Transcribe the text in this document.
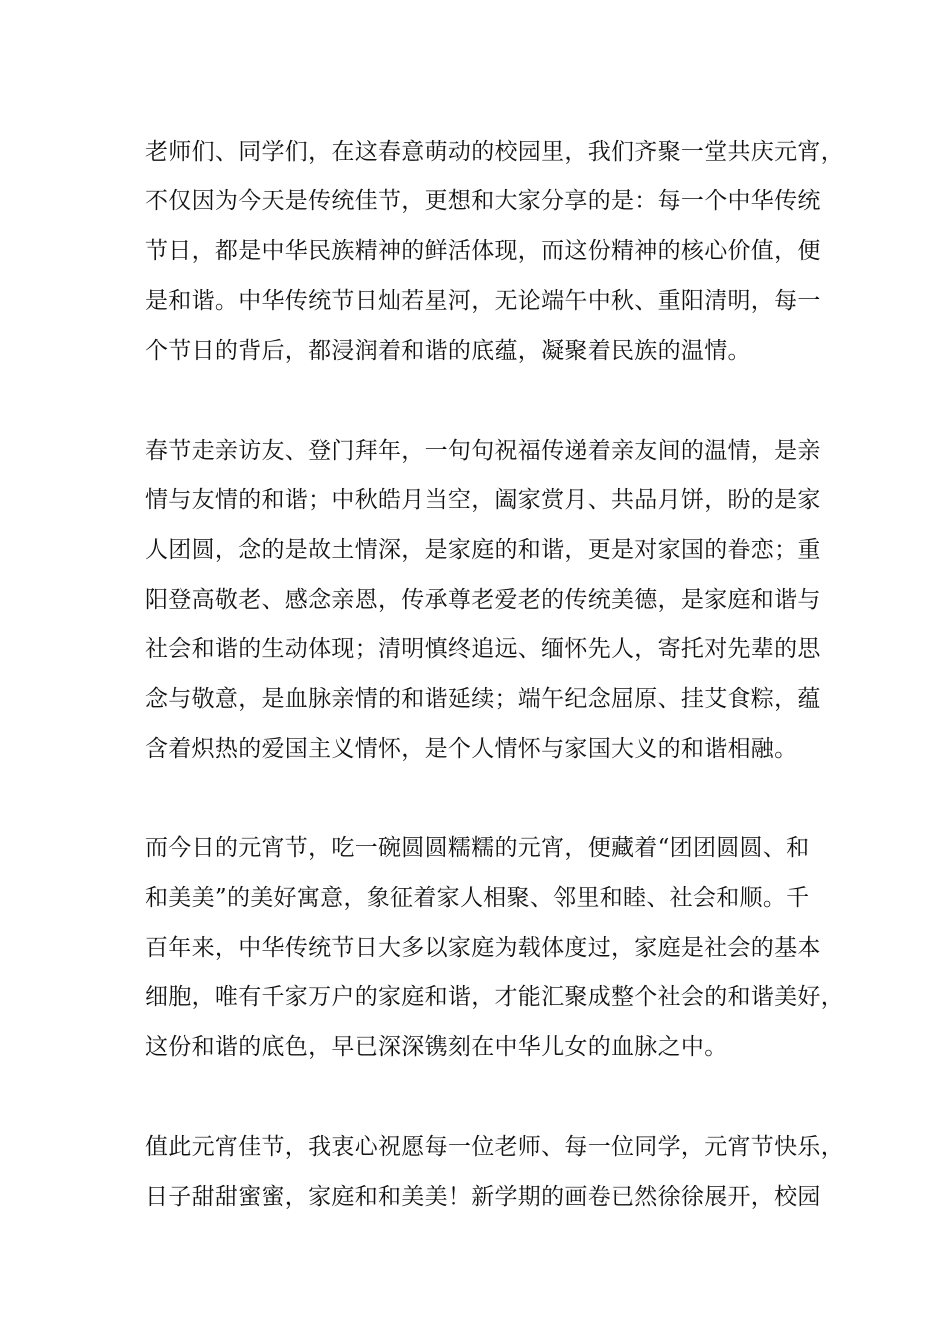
老师们、同学们，在这春意萌动的校园里，我们齐聚一堂共庆元宵，
不仅因为今天是传统佳节，更想和大家分享的是：每一个中华传统
节日，都是中华民族精神的鲜活体现，而这份精神的核心价值，便
是和谐。中华传统节日灿若星河，无论端午中秋、重阳清明，每一
个节日的背后，都浸润着和谐的底蕴，凝聚着民族的温情。
春节走亲访友、登门拜年，一句句祝福传递着亲友间的温情，是亲
情与友情的和谐；中秋皓月当空，阖家赏月、共品月饼，盼的是家
人团圆，念的是故土情深，是家庭的和谐，更是对家国的眷恋；重
阳登高敬老、感念亲恩，传承尊老爱老的传统美德，是家庭和谐与
社会和谐的生动体现；清明慎终追远、缅怀先人，寄托对先辈的思
念与敬意，是血脉亲情的和谐延续；端午纪念屈原、挂艾食粽，蕴
含着炽热的爱国主义情怀，是个人情怀与家国大义的和谐相融。
而今日的元宵节，吃一碗圆圆糯糯的元宵，便藏着“团团圆圆、和
和美美”的美好寓意，象征着家人相聚、邻里和睦、社会和顺。千
百年来，中华传统节日大多以家庭为载体度过，家庭是社会的基本
细胞，唯有千家万户的家庭和谐，才能汇聚成整个社会的和谐美好，
这份和谐的底色，早已深深镌刻在中华儿女的血脉之中。
值此元宵佳节，我衷心祝愿每一位老师、每一位同学，元宵节快乐，
日子甜甜蜜蜜，家庭和和美美！新学期的画卷已然徐徐展开，校园
